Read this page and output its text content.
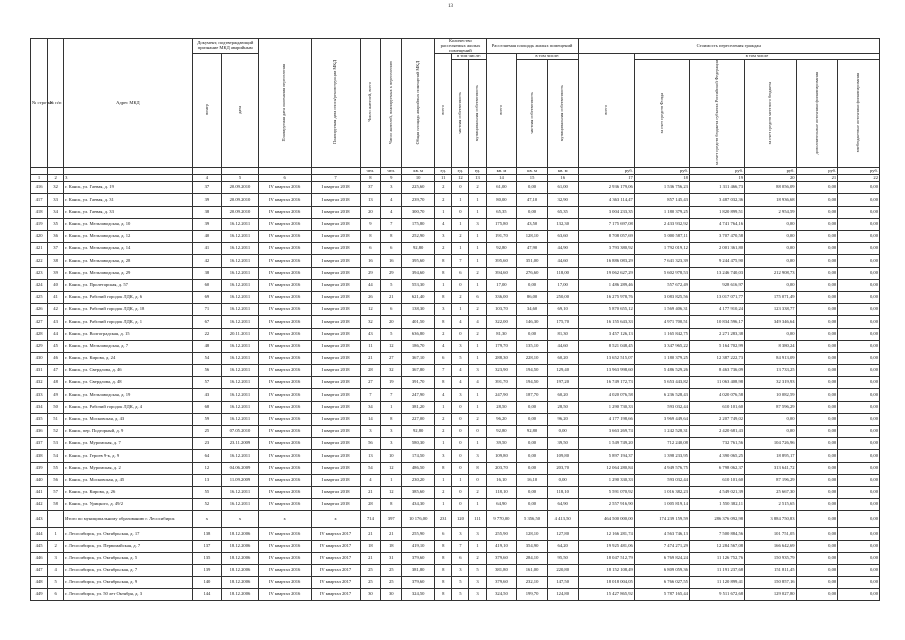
13
№ стро-ки	№ п/п	Адрес МКД	Документ, подтверждающий признание МКД аварийным		Планируемая дата окончания переселения	Планируемая дата сноса/реконструкции МКД	Число жителей, всего	Число жителей, планируемых к переселению	Общая площадь аварийных помещений МКД	Количество расселяемых жилых помещений			Расселяемая площадь жилых помещений			Стоимость переселения граждан					
			номер	дата						всего	в том числе:		всего	в том числе:		всего	в том числе				
											частная собственность	муниципальная собственность		частная собственность	муниципальная собственность		за счет средств Фонда	за счет средств бюджета субъекта Российской Федерации	за счет средств местного бюджета	дополнительные источники финансирования	внебюджетные источники финансирования
							чел.	чел.	кв. м	ед.	ед.	ед.	кв. м	кв. м	кв. м	руб.	руб.	руб.	руб.	руб.	руб.
1	2	3	4	5	6	7	8	9	10	11	12	13	14	15	16	17	18	19	20	21	22
416	32	г. Канск, ул. Гаевая, д. 19	37	20.09.2010	IV квартал 2016	I квартал 2018	37	3	225,60	2	0	2	61,00	0,00	61,00	2 936 179,06	1 536 756,23	1 311 466,73	88 056,09	0,00	0,00
417	33	г. Канск, ул. Гаевая, д. 31	39	20.09.2010	IV квартал 2016	I квартал 2018	13	4	239,70	2	1	1	80,00	47,10	32,90	4 363 114,47	857 145,43	3 487 032,36	18 936,68	0,00	0,00
418	34	г. Канск, ул. Гаевая, д. 33	38	20.09.2010	IV квартал 2016	I квартал 2018	20	4	300,70	1	0	1	65,35	0,00	65,35	3 004 233,35	1 180 379,25	1 820 899,51	2 954,59	0,00	0,00
419	35	г. Канск, ул. Мельзаводская, д. 10	39	16.12.2011	IV квартал 2016	I квартал 2018	9	7	175,80	4	1	3	175,80	43,50	132,30	7 175 697,08	2 433 932,92	4 741 764,16	0,00	0,00	0,00
420	36	г. Канск, ул. Мельзаводская, д. 12	40	16.12.2011	IV квартал 2016	I квартал 2018	8	8	252,90	3	2	1	191,70	128,10	63,60	8 708 057,69	5 000 587,11	3 707 470,58	0,00	0,00	0,00
421	37	г. Канск, ул. Мельзаводская, д. 14	41	16.12.2011	IV квартал 2016	I квартал 2018	6	6	92,80	2	1	1	92,80	47,90	44,90	3 793 380,92	1 792 019,12	2 001 361,80	0,00	0,00	0,00
422	38	г. Канск, ул. Мельзаводская, д. 28	42	16.12.2011	IV квартал 2016	I квартал 2018	16	16	395,60	8	7	1	395,60	351,00	44,60	16 886 083,29	7 641 323,39	9 244 475,90	0,00	0,00	0,00
423	39	г. Канск, ул. Мельзаводская, д. 29	38	16.12.2011	IV квартал 2016	I квартал 2018	29	29	394,60	8	6	2	394,60	276,60	118,00	19 062 627,29	5 602 978,53	13 246 740,03	212 908,73	0,00	0,00
424	40	г. Канск, ул. Пролетарская, д. 57	60	16.12.2011	IV квартал 2016	I квартал 2018	44	5	553,30	1	0	1	17,00	0,00	17,00	1 486 289,46	557 672,49	928 616,97	0,00	0,00	0,00
425	41	г. Канск, ул. Рабочий городок ЛДК, д. 6	69	16.12.2011	IV квартал 2016	I квартал 2018	26	21	621,40	8	2	6	336,00	86,00	250,00	16 275 978,76	3 083 825,56	13 017 071,77	175 071,49	0,00	0,00
426	42	г. Канск, ул. Рабочий городок ЛДК, д. 18	71	16.12.2011	IV квартал 2016	I квартал 2018	12	6	138,30	3	1	2	103,70	34,60	69,10	5 870 655,12	1 569 406,31	4 177 910,24	123 338,77	0,00	0,00
427	43	г. Канск, ул. Рабочий городок ЛДК, д. 1	67	16.12.2011	IV квартал 2016	I квартал 2018	32	20	401,50	8	4	4	322,00	146,30	175,70	16 155 643,33	4 971 700,51	10 834 596,17	349 346,64	0,00	0,00
428	44	г. Канск, ул. Волгоградская, д. 15	22	20.11.2011	IV квартал 2016	I квартал 2018	43	5	636,80	2	0	2	81,30	0,00	81,30	3 457 126,13	1 165 842,75	2 271 283,38	0,00	0,00	0,00
429	45	г. Канск, ул. Мельзаводская, д. 7	48	16.12.2011	IV квартал 2016	I квартал 2018	11	12	186,70	4	3	1	179,70	135,10	44,60	8 521 048,45	3 347 965,22	5 164 702,99	8 380,24	0,00	0,00
430	46	г. Канск, ул. Кирова, д. 24	54	16.12.2011	IV квартал 2016	I квартал 2018	21	27	367,10	6	5	1	288,30	228,10	60,20	13 652 515,07	1 180 379,25	12 387 222,73	84 913,09	0,00	0,00
431	47	г. Канск, ул. Свердлова, д. 46	56	16.12.2011	IV квартал 2016	I квартал 2018	28	32	367,80	7	4	3	323,90	194,50	129,40	13 963 998,60	5 486 529,26	8 463 736,09	13 733,25	0,00	0,00
432	48	г. Канск, ул. Свердлова, д. 48	57	16.12.2011	IV квартал 2016	I квартал 2018	27	19	391,70	8	4	4	391,70	194,50	197,20	16 749 172,73	5 653 443,82	11 063 408,98	32 319,93	0,00	0,00
433	49	г. Канск, ул. Мельзаводская, д. 19	43	16.12.2011	IV квартал 2016	I квартал 2018	7	7	247,90	4	3	1	247,90	187,70	60,20	4 020 076,58	6 236 528,43	4 020 076,58	10 082,59	0,00	0,00
434	50	г. Канск, ул. Рабочий городок ЛДК, д. 4	68	16.12.2011	IV квартал 2016	I квартал 2018	34	1	381,20	1	0	1	28,50	0,00	28,50	1 290 730,33	593 032,44	610 101,60	87 596,29	0,00	0,00
435	51	г. Канск, ул. Московская, д. 43	59	16.12.2011	IV квартал 2016	I квартал 2018	14	8	227,00	2	0	2	96,20	0,00	96,20	4 177 198,66	3 969 449,64	2 207 749,02	0,00	0,00	0,00
436	52	г. Канск, пер. Подгорный, д. 9	25	07.05.2010	IV квартал 2016	I квартал 2018	3	3	92,80	2	0	0	92,80	92,80	0,00	3 663 269,74	1 242 528,31	2 420 681,43	0,00	0,00	0,00
437	53	г. Канск, ул. Муромская, д. 7	23	23.11.2009	IV квартал 2016	I квартал 2018	56	3	580,30	1	0	1	39,50	0,00	39,50	1 549 749,20	712 240,08	732 761,56	104 726,96	0,00	0,00
438	54	г. Канск, ул. Героев 9-к, д. 9	64	16.12.2011	IV квартал 2016	I квартал 2018	13	10	174,50	3	0	3	109,80	0,00	109,80	5 897 194,37	1 398 233,95	4 390 065,25	18 895,17	0,00	0,00
439	55	г. Канск, ул. Муромская, д. 2	12	04.06.2009	IV квартал 2016	I квартал 2018	54	12	486,50	8	0	8	203,70	0,00	203,70	12 064 280,84	4 949 576,75	6 798 062,37	313 641,72	0,00	0,00
440	56	г. Канск, ул. Московская, д. 45	13	11.09.2009	IV квартал 2016	I квартал 2018	4	1	230,20	1	1	0	16,10	16,10	0,00	1 290 330,33	593 032,44	610 101,60	87 196,29	0,00	0,00
441	57	г. Канск, ул. Кирова, д. 26	55	16.12.2011	IV квартал 2016	I квартал 2018	21	12	385,60	2	0	2	118,10	0,00	118,10	5 591 070,92	1 016 382,23	4 549 021,39	25 667,30	0,00	0,00
442	58	г. Канск, ул. Урицкого, д. 49/2	52	16.12.2011	IV квартал 2016	I квартал 2018	28	8	434,30	1	0	1	64,90	0,00	64,90	2 557 916,90	1 005 819,14	1 550 382,11	2 515,65	0,00	0,00
443		Итого по муниципальному образованию г. Лесосибирск	x	x	x	x	714	397	10 176,00	231	120	111	9 770,00	5 356,50	4 413,50	464 500 000,00	174 239 159,59	286 376 092,98	3 884 750,83	0,00	0,00
444	1	г. Лесосибирск, ул. Октябрьская, д. 17	138	18.12.2006	IV квартал 2016	IV квартал 2017	21	21	255,90	6	3	3	255,90	128,10	127,80	12 166 281,74	4 563 746,13	7 500 884,56	101 751,05	0,00	0,00
445	2	г. Лесосибирск, ул. Первомайская, д. 7	137	18.12.2006	IV квартал 2016	IV квартал 2017	18	18	419,10	8	7	1	419,10	354,90	64,20	19 925 481,06	7 474 271,29	12 284 567,08	166 642,69	0,00	0,00
446	3	г. Лесосибирск, ул. Октябрьская, д. 5	135	18.12.2006	IV квартал 2016	IV квартал 2017	21	31	379,60	8	6	2	379,60	284,10	95,50	18 047 512,79	6 769 824,24	11 126 752,76	150 935,79	0,00	0,00
447	4	г. Лесосибирск, ул. Октябрьская, д. 7	139	18.12.2006	IV квартал 2016	IV квартал 2017	25	25	381,80	8	3	5	381,80	161,00	220,80	18 152 108,49	6 809 059,36	11 191 237,68	151 811,45	0,00	0,00
448	5	г. Лесосибирск, ул. Октябрьская, д. 9	140	18.12.2006	IV квартал 2016	IV квартал 2017	25	25	379,60	8	5	3	379,60	232,10	147,50	18 018 004,05	6 766 027,55	11 120 899,41	150 857,16	0,00	0,00
449	6	г. Лесосибирск, ул. 50 лет Октября, д. 3	144	18.12.2006	IV квартал 2016	IV квартал 2017	30	30	324,50	8	5	3	324,50	199,70	124,80	15 427 865,92	5 787 165,44	9 511 672,68	129 027,80	0,00	0,00
